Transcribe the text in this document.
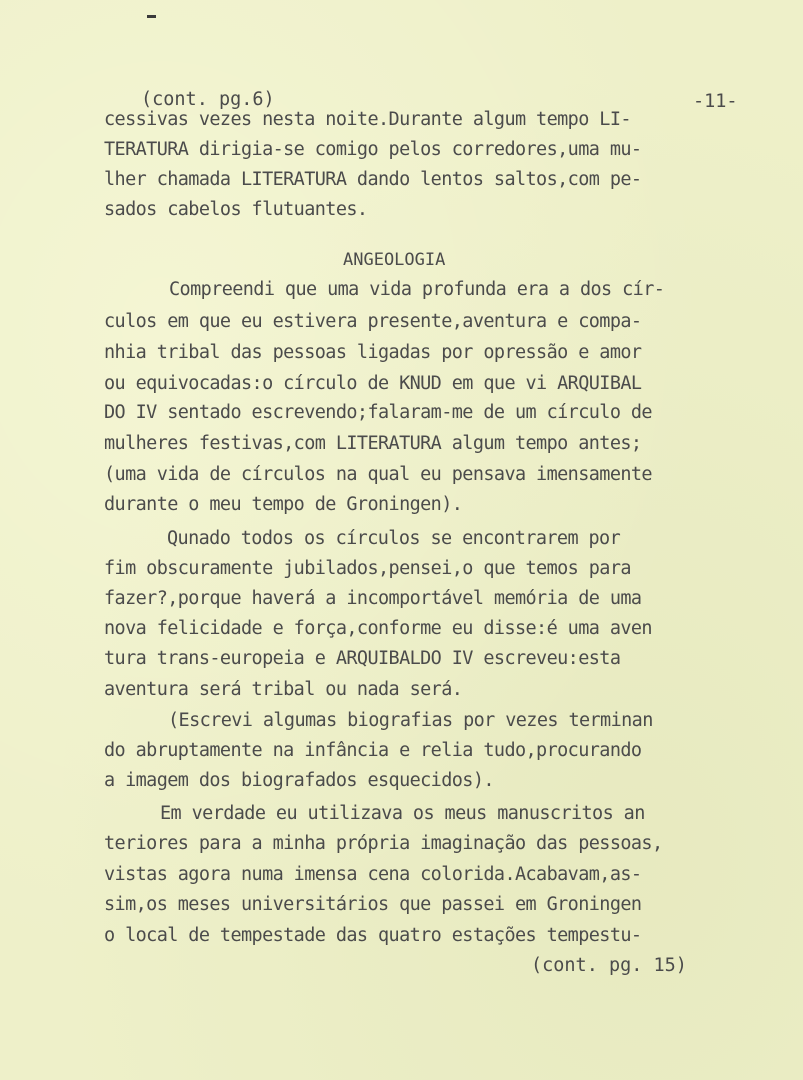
(cont. pg.6)	-11-
cessivas vezes nesta noite.Durante algum tempo LI-
TERATURA dirigia-se comigo pelos corredores,uma mu-
lher chamada LITERATURA dando lentos saltos,com pe-
sados cabelos flutuantes.
ANGEOLOGIA
Compreendi que uma vida profunda era a dos cír-
culos em que eu estivera presente,aventura e compa-
nhia tribal das pessoas ligadas por opressão e amor
ou equivocadas:o círculo de KNUD em que vi ARQUIBAL
DO IV sentado escrevendo;falaram-me de um círculo de
mulheres festivas,com LITERATURA algum tempo antes;
(uma vida de círculos na qual eu pensava imensamente
durante o meu tempo de Groningen).
Qunado todos os círculos se encontrarem por
fim obscuramente jubilados,pensei,o que temos para
fazer?,porque haverá a incomportável memória de uma
nova felicidade e força,conforme eu disse:é uma aven
tura trans-europeia e ARQUIBALDO IV escreveu:esta
aventura será tribal ou nada será.
(Escrevi algumas biografias por vezes terminan
do abruptamente na infância e relia tudo,procurando
a imagem dos biografados esquecidos).
Em verdade eu utilizava os meus manuscritos an
teriores para a minha própria imaginação das pessoas,
vistas agora numa imensa cena colorida.Acabavam,as-
sim,os meses universitários que passei em Groningen
o local de tempestade das quatro estações tempestu-
(cont. pg. 15)
